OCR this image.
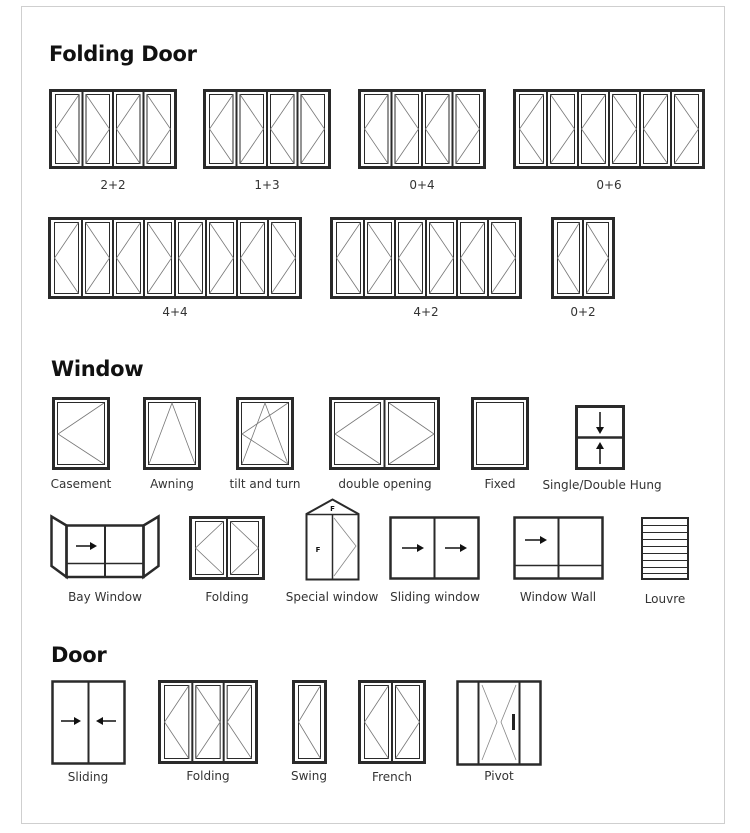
Folding Door
2+2	1+3	0+4	0+6
4+4	4+2	0+2
Window
Casement	Awning	tilt and turn	double opening	Fixed	Single/Double Hung
Bay Window	Folding
F
F
Special window Sliding window	Window Wall	Louvre
Door
Sliding	Folding	Swing	French	Pivot
